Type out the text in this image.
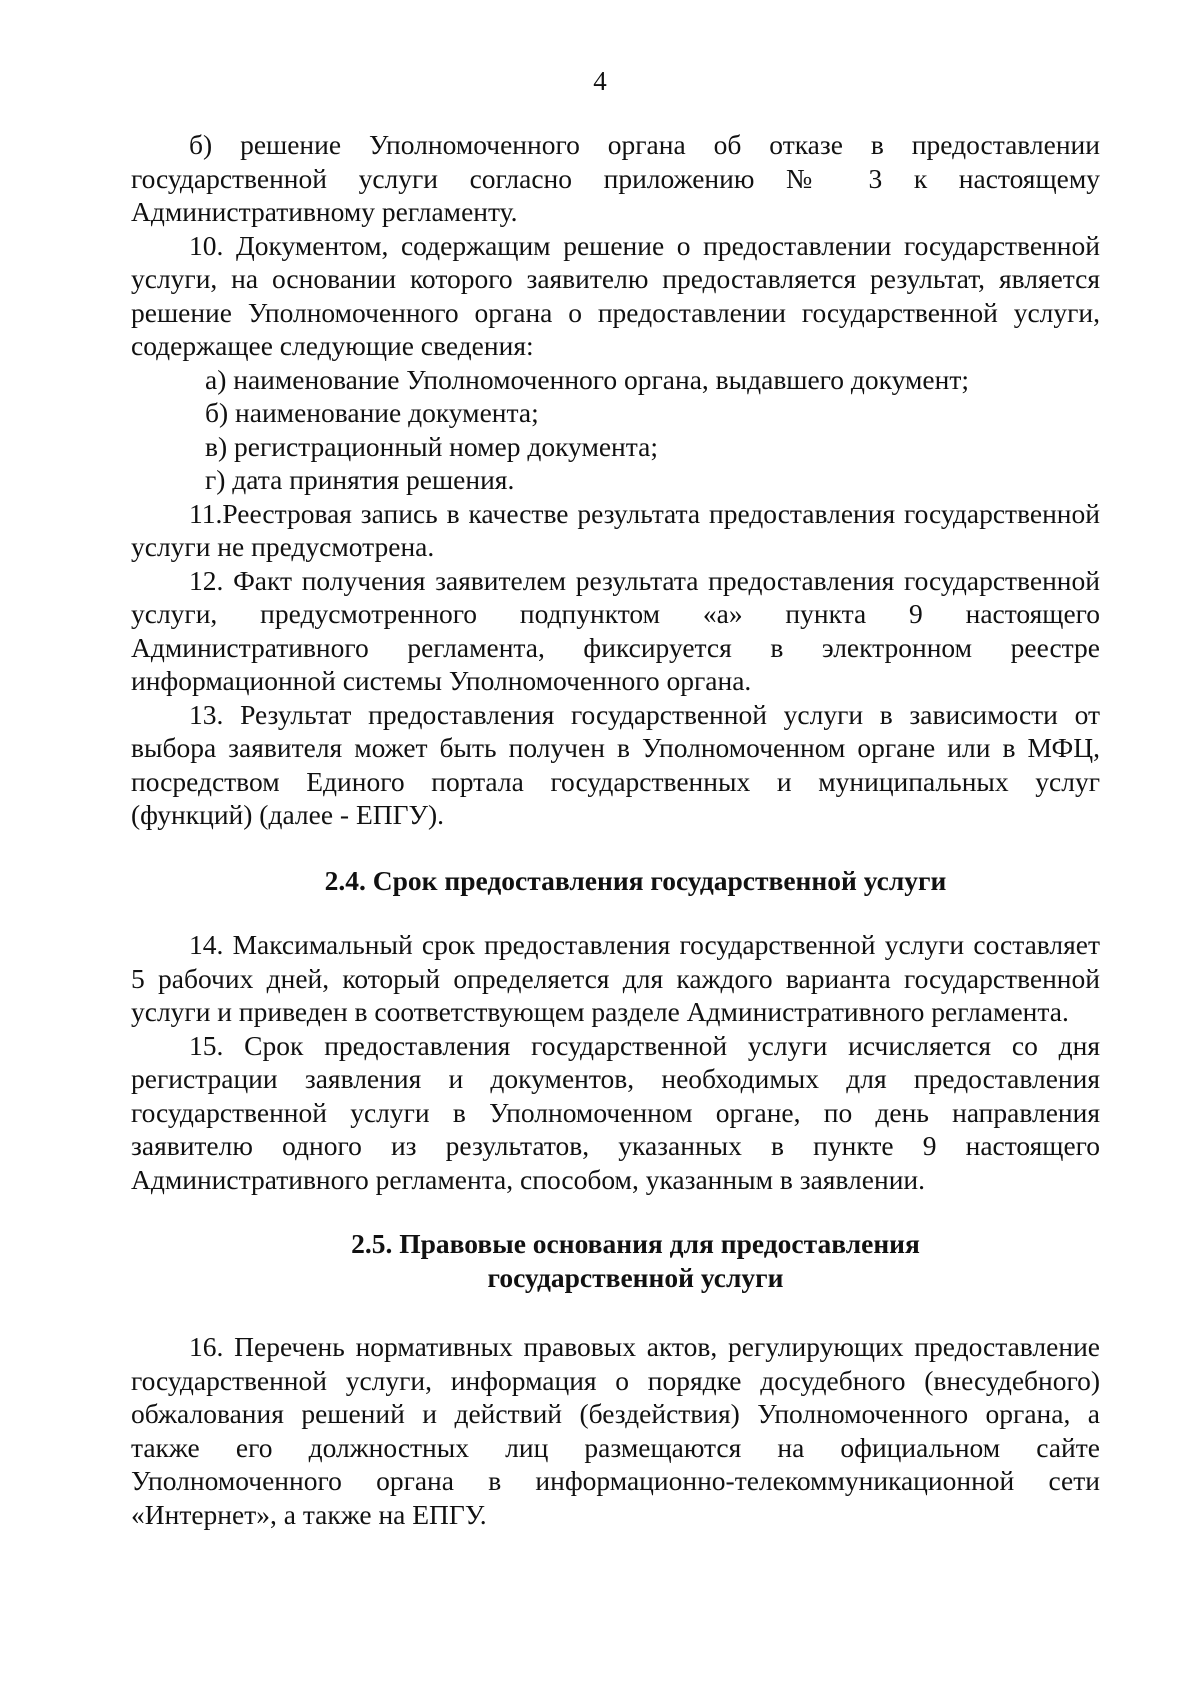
4

б) решение Уполномоченного органа об отказе в предоставлении государственной услуги согласно приложению № 3 к настоящему Административному регламенту.

10. Документом, содержащим решение о предоставлении государственной услуги, на основании которого заявителю предоставляется результат, является решение Уполномоченного органа о предоставлении государственной услуги, содержащее следующие сведения:

а) наименование Уполномоченного органа, выдавшего документ;

б) наименование документа;

в) регистрационный номер документа;

г) дата принятия решения.

11.Реестровая запись в качестве результата предоставления государственной услуги не предусмотрена.

12. Факт получения заявителем результата предоставления государственной услуги, предусмотренного подпунктом «а» пункта 9 настоящего Административного регламента, фиксируется в электронном реестре информационной системы Уполномоченного органа.

13. Результат предоставления государственной услуги в зависимости от выбора заявителя может быть получен в Уполномоченном органе или в МФЦ, посредством Единого портала государственных и муниципальных услуг (функций) (далее - ЕПГУ).

2.4. Срок предоставления государственной услуги

14. Максимальный срок предоставления государственной услуги составляет 5 рабочих дней, который определяется для каждого варианта государственной услуги и приведен в соответствующем разделе Административного регламента.

15. Срок предоставления государственной услуги исчисляется со дня регистрации заявления и документов, необходимых для предоставления государственной услуги в Уполномоченном органе, по день направления заявителю одного из результатов, указанных в пункте 9 настоящего Административного регламента, способом, указанным в заявлении.

2.5. Правовые основания для предоставления
государственной услуги

16. Перечень нормативных правовых актов, регулирующих предоставление государственной услуги, информация о порядке досудебного (внесудебного) обжалования решений и действий (бездействия) Уполномоченного органа, а также его должностных лиц размещаются на официальном сайте Уполномоченного органа в информационно-телекоммуникационной сети «Интернет», а также на ЕПГУ.
